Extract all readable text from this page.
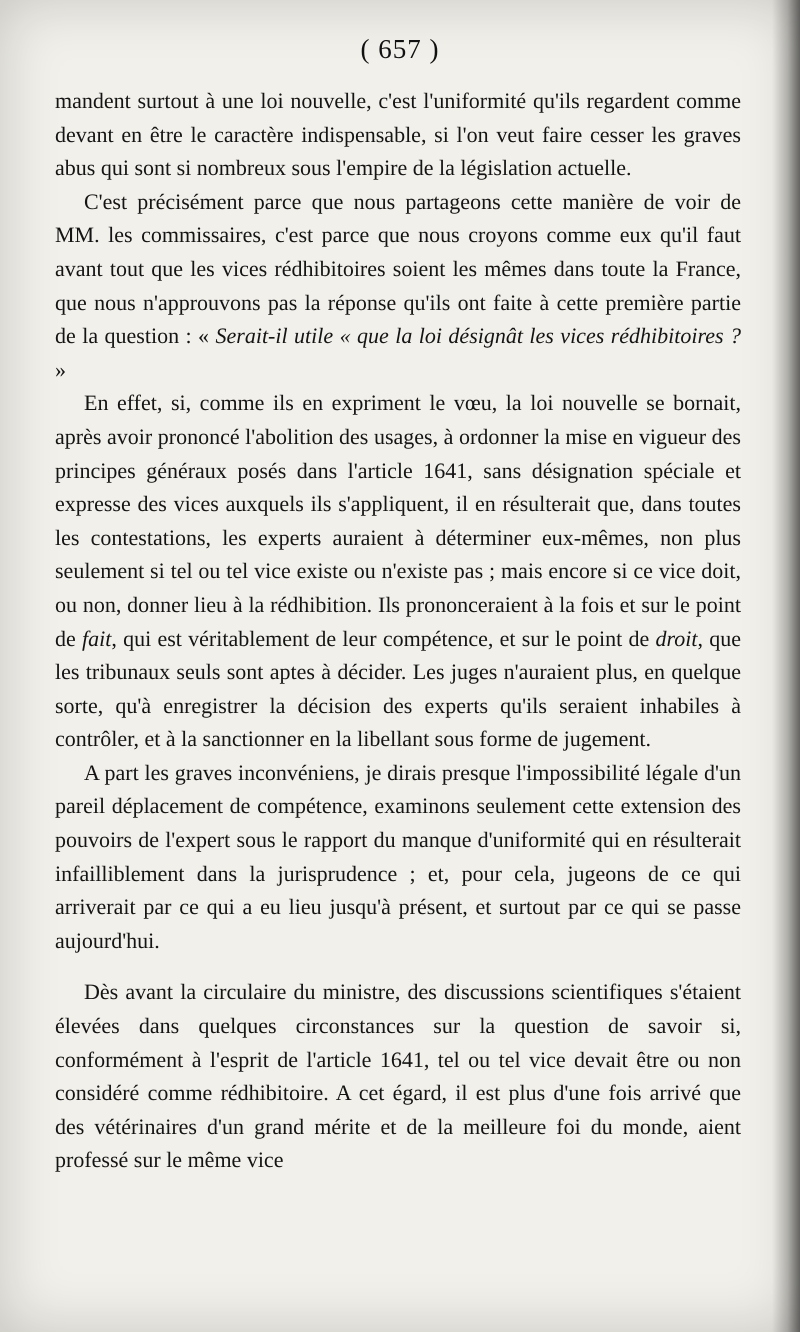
( 657 )

mandent surtout à une loi nouvelle, c'est l'uniformité qu'ils regardent comme devant en être le caractère indispensable, si l'on veut faire cesser les graves abus qui sont si nombreux sous l'empire de la législation actuelle.

C'est précisément parce que nous partageons cette manière de voir de MM. les commissaires, c'est parce que nous croyons comme eux qu'il faut avant tout que les vices rédhibitoires soient les mêmes dans toute la France, que nous n'approuvons pas la réponse qu'ils ont faite à cette première partie de la question : « Serait-il utile « que la loi désignât les vices rédhibitoires ? »

En effet, si, comme ils en expriment le vœu, la loi nouvelle se bornait, après avoir prononcé l'abolition des usages, à ordonner la mise en vigueur des principes généraux posés dans l'article 1641, sans désignation spéciale et expresse des vices auxquels ils s'appliquent, il en résulterait que, dans toutes les contestations, les experts auraient à déterminer eux-mêmes, non plus seulement si tel ou tel vice existe ou n'existe pas ; mais encore si ce vice doit, ou non, donner lieu à la rédhibition. Ils prononceraient à la fois et sur le point de fait, qui est véritablement de leur compétence, et sur le point de droit, que les tribunaux seuls sont aptes à décider. Les juges n'auraient plus, en quelque sorte, qu'à enregistrer la décision des experts qu'ils seraient inhabiles à contrôler, et à la sanctionner en la libellant sous forme de jugement.

A part les graves inconvéniens, je dirais presque l'impossibilité légale d'un pareil déplacement de compétence, examinons seulement cette extension des pouvoirs de l'expert sous le rapport du manque d'uniformité qui en résulterait infailliblement dans la jurisprudence ; et, pour cela, jugeons de ce qui arriverait par ce qui a eu lieu jusqu'à présent, et surtout par ce qui se passe aujourd'hui.

Dès avant la circulaire du ministre, des discussions scientifiques s'étaient élevées dans quelques circonstances sur la question de savoir si, conformément à l'esprit de l'article 1641, tel ou tel vice devait être ou non considéré comme rédhibitoire. A cet égard, il est plus d'une fois arrivé que des vétérinaires d'un grand mérite et de la meilleure foi du monde, aient professé sur le même vice
